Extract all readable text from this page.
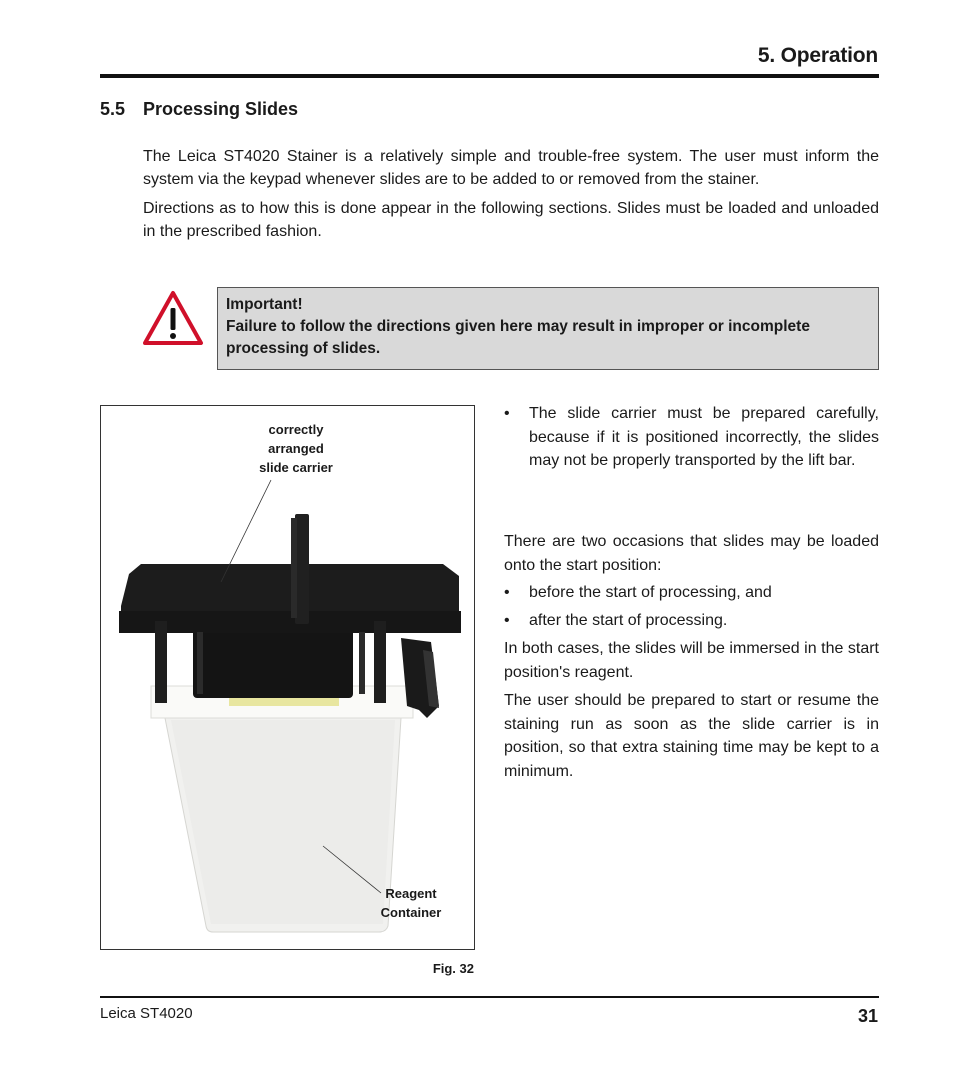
5. Operation
5.5 Processing Slides
The Leica ST4020 Stainer is a relatively simple and trouble-free system. The user must inform the system via the keypad whenever slides are to be added to or removed from the stainer.
Directions as to how this is done appear in the following sections. Slides must be loaded and unloaded in the prescribed fashion.
Important!
Failure to follow the directions given here may result in improper or incomplete processing of slides.
correctly
arranged
slide carrier
Reagent
Container
Fig. 32
• The slide carrier must be prepared carefully, because if it is positioned incorrectly, the slides may not be properly transported by the lift bar.
There are two occasions that slides may be loaded onto the start position:
• before the start of processing, and
• after the start of processing.
In both cases, the slides will be immersed in the start position's reagent.
The user should be prepared to start or resume the staining run as soon as the slide carrier is in position, so that extra staining time may be kept to a minimum.
Leica ST4020	31
